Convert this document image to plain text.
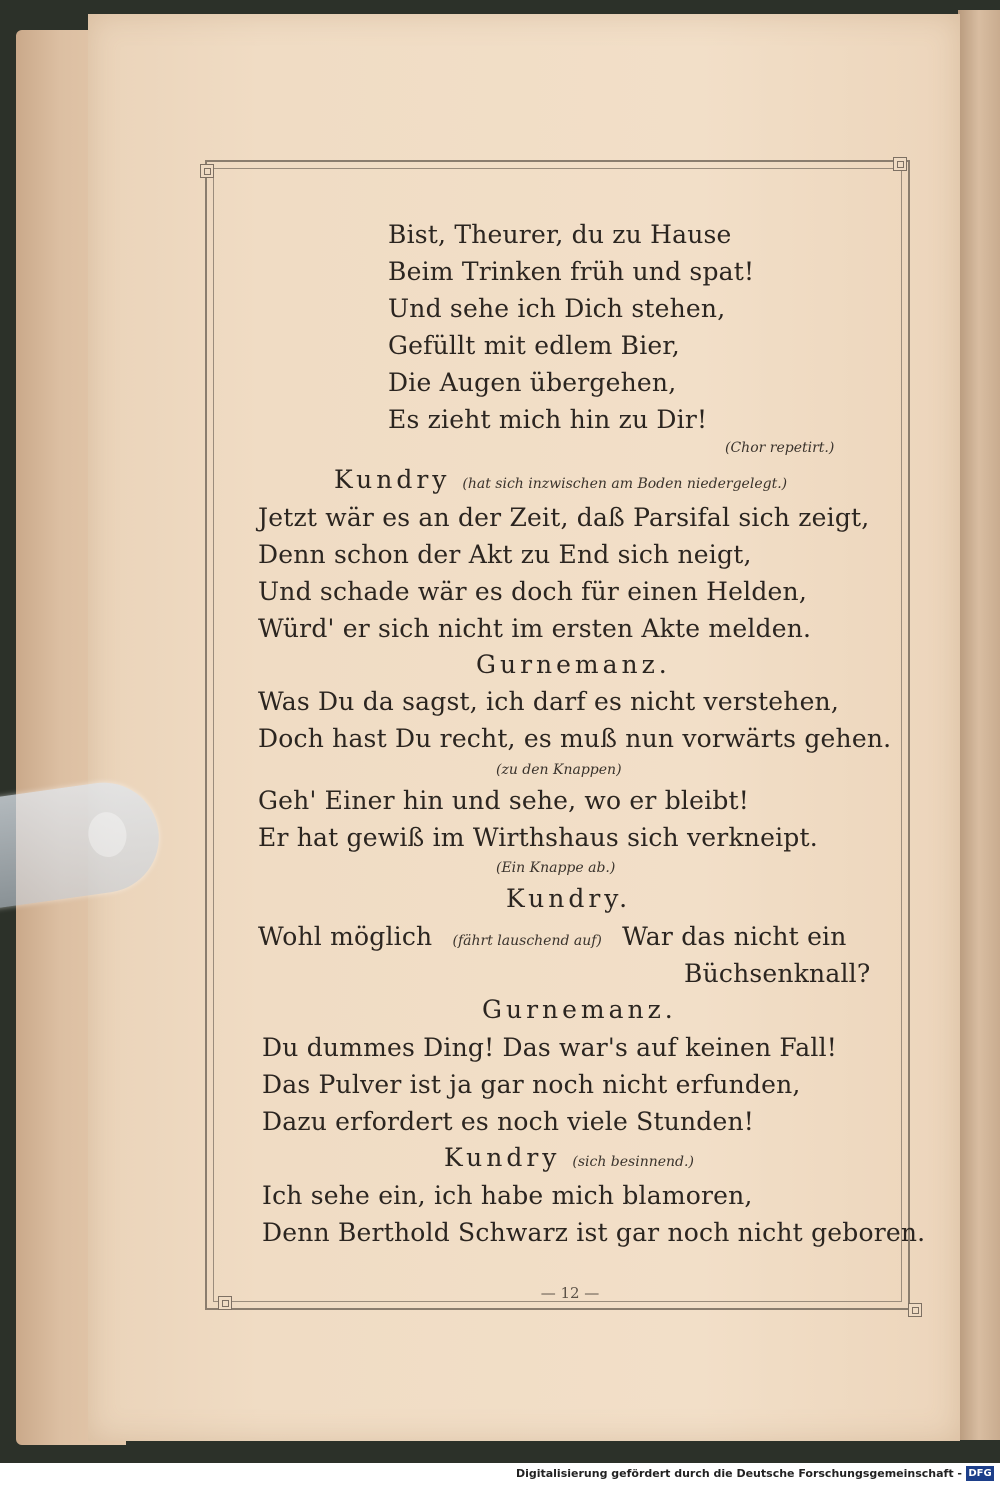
Bist, Theurer, du zu Hause
Beim Trinken früh und spat!
Und sehe ich Dich stehen,
Gefüllt mit edlem Bier,
Die Augen übergehen,
Es zieht mich hin zu Dir!
(Chor repetirt.)
Kundry (hat sich inzwischen am Boden niedergelegt.)
Jetzt wär es an der Zeit, daß Parsifal sich zeigt,
Denn schon der Akt zu End sich neigt,
Und schade wär es doch für einen Helden,
Würd' er sich nicht im ersten Akte melden.
Gurnemanz.
Was Du da sagst, ich darf es nicht verstehen,
Doch hast Du recht, es muß nun vorwärts gehen.
(zu den Knappen)
Geh' Einer hin und sehe, wo er bleibt!
Er hat gewiß im Wirthshaus sich verkneipt.
(Ein Knappe ab.)
Kundry.
Wohl möglich (fährt lauschend auf) War das nicht ein
Büchsenknall?
Gurnemanz.
Du dummes Ding! Das war's auf keinen Fall!
Das Pulver ist ja gar noch nicht erfunden,
Dazu erfordert es noch viele Stunden!
Kundry (sich besinnend.)
Ich sehe ein, ich habe mich blamoren,
Denn Berthold Schwarz ist gar noch nicht geboren.
— 12 —
Digitalisierung gefördert durch die Deutsche Forschungsgemeinschaft - DFG
